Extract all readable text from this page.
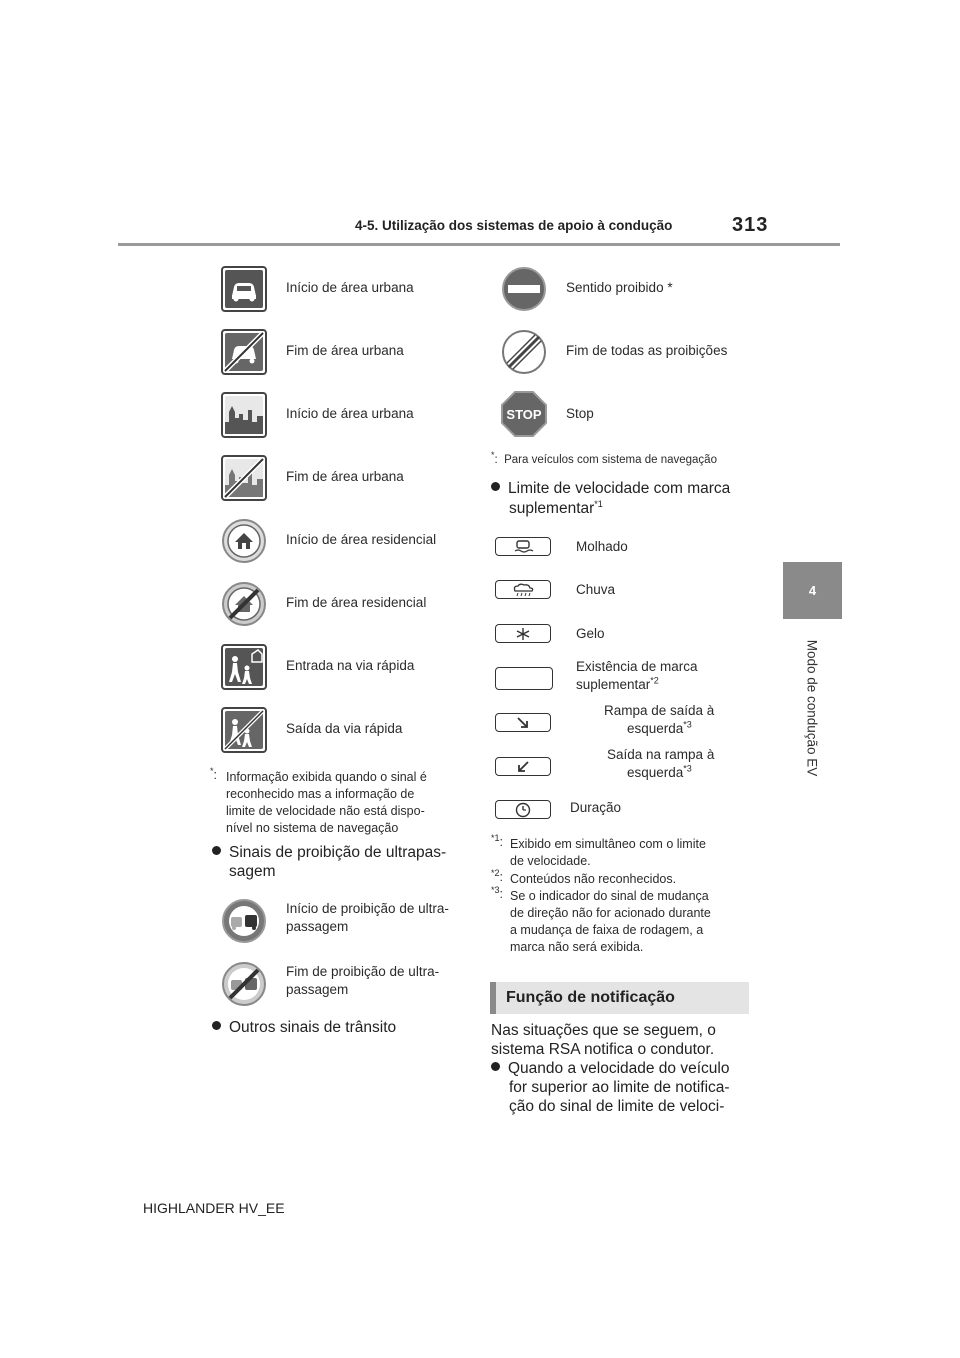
4-5. Utilização dos sistemas de apoio à condução	313
4
Modo de condução EV
Início de área urbana
Fim de área urbana
Início de área urbana
Fim de área urbana
Início de área residencial
Fim de área residencial
Entrada na via rápida
Saída da via rápida
*: Informação exibida quando o sinal é
reconhecido mas a informação de
limite de velocidade não está dispo-
nível no sistema de navegação
Sinais de proibição de ultrapas-
sagem
Início de proibição de ultra-
passagem
Fim de proibição de ultra-
passagem
Outros sinais de trânsito
Sentido proibido *
Fim de todas as proibições
STOP Stop
*:  Para veículos com sistema de navegação
Limite de velocidade com marca
suplementar$^{*1}$
Molhado
Chuva
Gelo
Existência de marca
suplementar$^{*2}$
Rampa de saída à
esquerda$^{*3}$
Saída na rampa à
esquerda$^{*3}$
Duração
$^{*1}$: Exibido em simultâneo com o limite
de velocidade.
$^{*2}$: Conteúdos não reconhecidos.
$^{*3}$: Se o indicador do sinal de mudança
de direção não for acionado durante
a mudança de faixa de rodagem, a
marca não será exibida.
Função de notificação
Nas situações que se seguem, o
sistema RSA notifica o condutor.
Quando a velocidade do veículo
for superior ao limite de notifica-
ção do sinal de limite de veloci-
HIGHLANDER HV_EE
